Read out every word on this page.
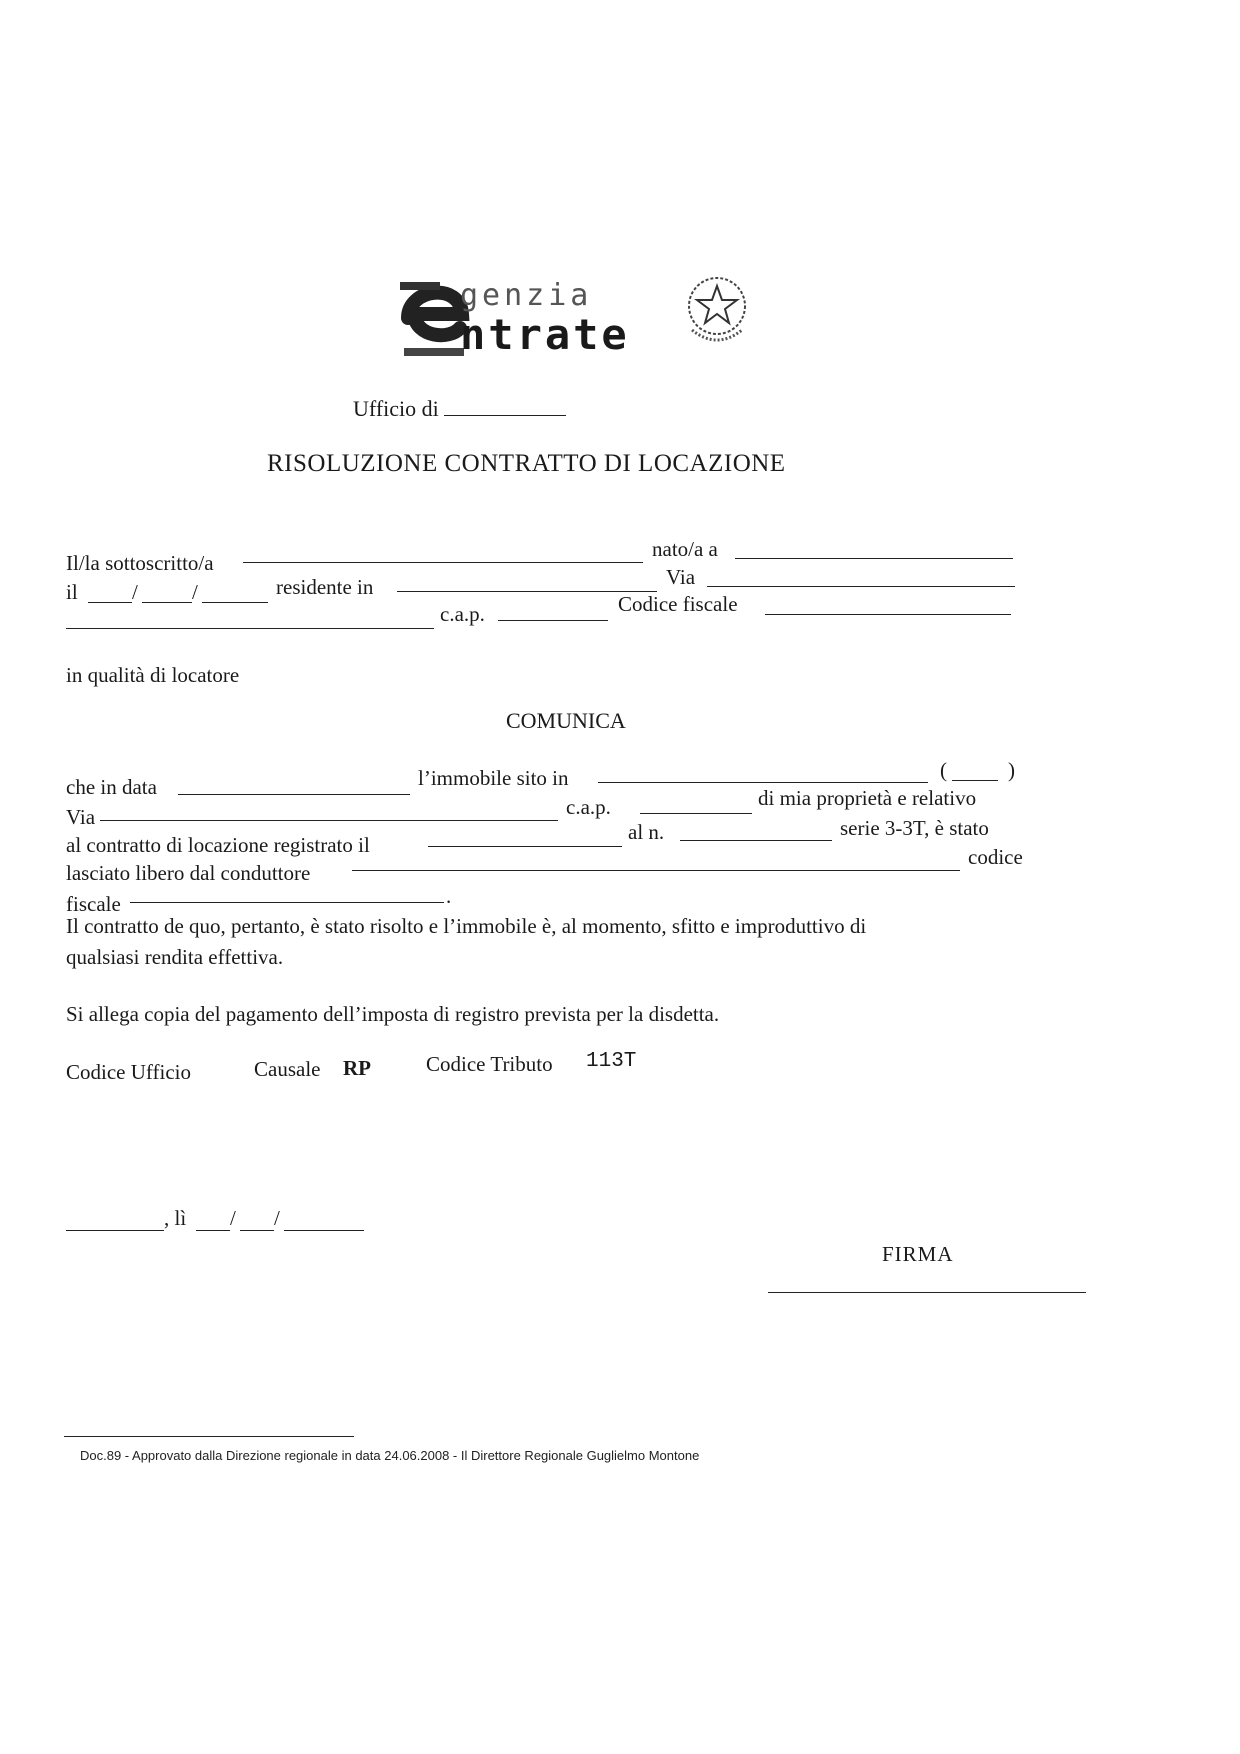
genzia
ntrate
Ufficio di
RISOLUZIONE CONTRATTO DI LOCAZIONE
Il/la sottoscritto/a
nato/a a
il	/	/	residente in	Via
c.a.p.	Codice fiscale
in qualità di locatore
COMUNICA
che in data	l’immobile sito in	(	)
Via	c.a.p.	di mia proprietà e relativo
al contratto di locazione registrato il
al n.	serie 3-3T, è stato
lasciato libero dal conduttore
codice
fiscale	.
Il contratto de quo, pertanto, è stato risolto e l’immobile è, al momento, sfitto e improduttivo di
qualsiasi rendita effettiva.
Si allega copia del pagamento dell’imposta di registro prevista per la disdetta.
Codice Ufficio	Causale RP	Codice Tributo 113T
, lì / /
FIRMA
Doc.89 - Approvato dalla Direzione regionale in data 24.06.2008 - Il Direttore Regionale Guglielmo Montone
